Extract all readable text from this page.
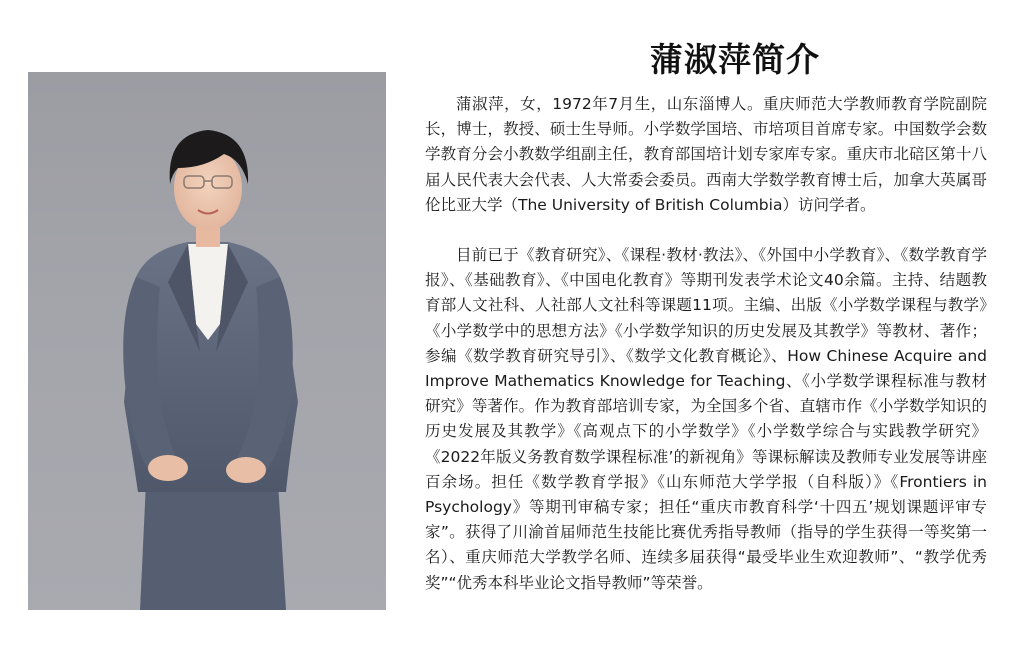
蒲淑萍简介

蒲淑萍，女，1972年7月生，山东淄博人。重庆师范大学教师教育学院副院长，博士，教授、硕士生导师。小学数学国培、市培项目首席专家。中国数学会数学教育分会小教数学组副主任，教育部国培计划专家库专家。重庆市北碚区第十八届人民代表大会代表、人大常委会委员。西南大学数学教育博士后，加拿大英属哥伦比亚大学（The University of British Columbia）访问学者。

目前已于《教育研究》、《课程·教材·教法》、《外国中小学教育》、《数学教育学报》、《基础教育》、《中国电化教育》等期刊发表学术论文40余篇。主持、结题教育部人文社科、人社部人文社科等课题11项。主编、出版《小学数学课程与教学》《小学数学中的思想方法》《小学数学知识的历史发展及其教学》等教材、著作；参编《数学教育研究导引》、《数学文化教育概论》、How Chinese Acquire and Improve Mathematics Knowledge for Teaching、《小学数学课程标准与教材研究》等著作。作为教育部培训专家，为全国多个省、直辖市作《小学数学知识的历史发展及其教学》《高观点下的小学数学》《小学数学综合与实践教学研究》《2022年版义务教育数学课程标准’的新视角》等课标解读及教师专业发展等讲座百余场。担任《数学教育学报》《山东师范大学学报（自科版）》《Frontiers in Psychology》等期刊审稿专家；担任“重庆市教育科学‘十四五’规划课题评审专家”。获得了川渝首届师范生技能比赛优秀指导教师（指导的学生获得一等奖第一名）、重庆师范大学教学名师、连续多届获得“最受毕业生欢迎教师”、“教学优秀奖”“优秀本科毕业论文指导教师”等荣誉。
